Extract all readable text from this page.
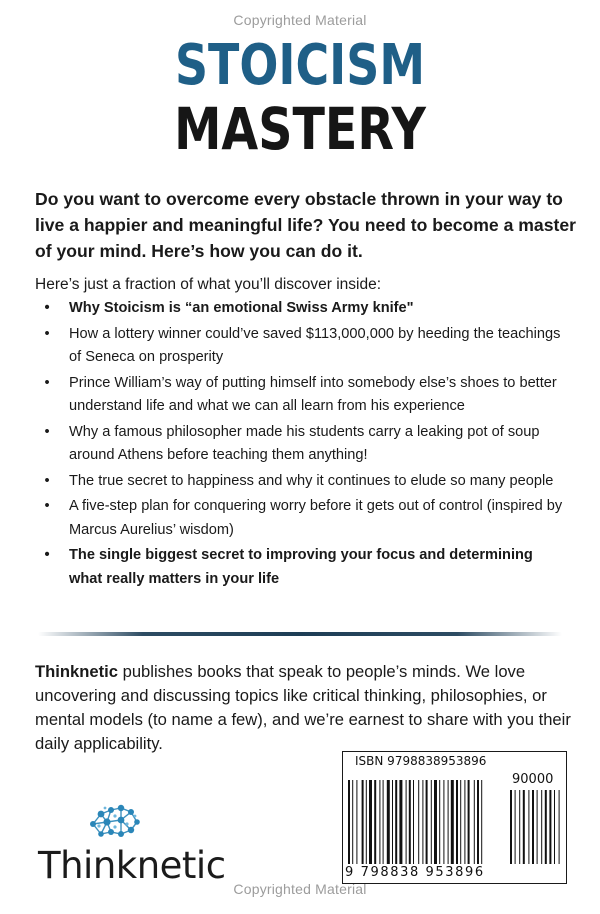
Copyrighted Material
STOICISM
MASTERY
Do you want to overcome every obstacle thrown in your way to live a happier and meaningful life? You need to become a master of your mind. Here’s how you can do it.
Here’s just a fraction of what you’ll discover inside:
•	Why Stoicism is “an emotional Swiss Army knife"
•	How a lottery winner could’ve saved $113,000,000 by heeding the teachings of Seneca on prosperity
•	Prince William’s way of putting himself into somebody else’s shoes to better understand life and what we can all learn from his experience
•	Why a famous philosopher made his students carry a leaking pot of soup around Athens before teaching them anything!
•	The true secret to happiness and why it continues to elude so many people
•	A five-step plan for conquering worry before it gets out of control (inspired by Marcus Aurelius’ wisdom)
•	The single biggest secret to improving your focus and determining what really matters in your life
Thinknetic publishes books that speak to people’s minds. We love uncovering and discussing topics like critical thinking, philosophies, or mental models (to name a few), and we’re earnest to share with you their daily applicability.
Thinknetic
ISBN 9798838953896
90000
9 798838 953896
Copyrighted Material
